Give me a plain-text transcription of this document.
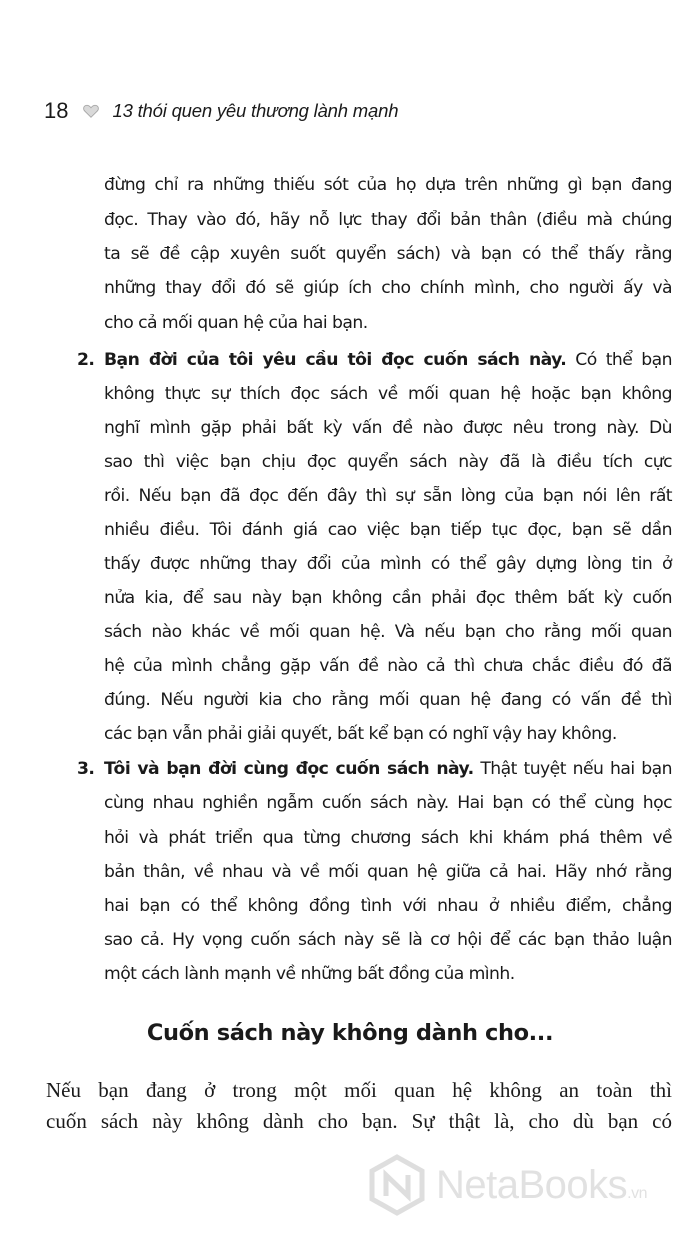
18 13 thói quen yêu thương lành mạnh
đừng chỉ ra những thiếu sót của họ dựa trên những gì bạn đang
đọc. Thay vào đó, hãy nỗ lực thay đổi bản thân (điều mà chúng
ta sẽ đề cập xuyên suốt quyển sách) và bạn có thể thấy rằng
những thay đổi đó sẽ giúp ích cho chính mình, cho người ấy và
cho cả mối quan hệ của hai bạn.
2. Bạn đời của tôi yêu cầu tôi đọc cuốn sách này. Có thể bạn
không thực sự thích đọc sách về mối quan hệ hoặc bạn không
nghĩ mình gặp phải bất kỳ vấn đề nào được nêu trong này. Dù
sao thì việc bạn chịu đọc quyển sách này đã là điều tích cực
rồi. Nếu bạn đã đọc đến đây thì sự sẵn lòng của bạn nói lên rất
nhiều điều. Tôi đánh giá cao việc bạn tiếp tục đọc, bạn sẽ dần
thấy được những thay đổi của mình có thể gây dựng lòng tin ở
nửa kia, để sau này bạn không cần phải đọc thêm bất kỳ cuốn
sách nào khác về mối quan hệ. Và nếu bạn cho rằng mối quan
hệ của mình chẳng gặp vấn đề nào cả thì chưa chắc điều đó đã
đúng. Nếu người kia cho rằng mối quan hệ đang có vấn đề thì
các bạn vẫn phải giải quyết, bất kể bạn có nghĩ vậy hay không.
3. Tôi và bạn đời cùng đọc cuốn sách này. Thật tuyệt nếu hai bạn
cùng nhau nghiền ngẫm cuốn sách này. Hai bạn có thể cùng học
hỏi và phát triển qua từng chương sách khi khám phá thêm về
bản thân, về nhau và về mối quan hệ giữa cả hai. Hãy nhớ rằng
hai bạn có thể không đồng tình với nhau ở nhiều điểm, chẳng
sao cả. Hy vọng cuốn sách này sẽ là cơ hội để các bạn thảo luận
một cách lành mạnh về những bất đồng của mình.
Cuốn sách này không dành cho...
Nếu bạn đang ở trong một mối quan hệ không an toàn thì
cuốn sách này không dành cho bạn. Sự thật là, cho dù bạn có
NetaBooks.vn
